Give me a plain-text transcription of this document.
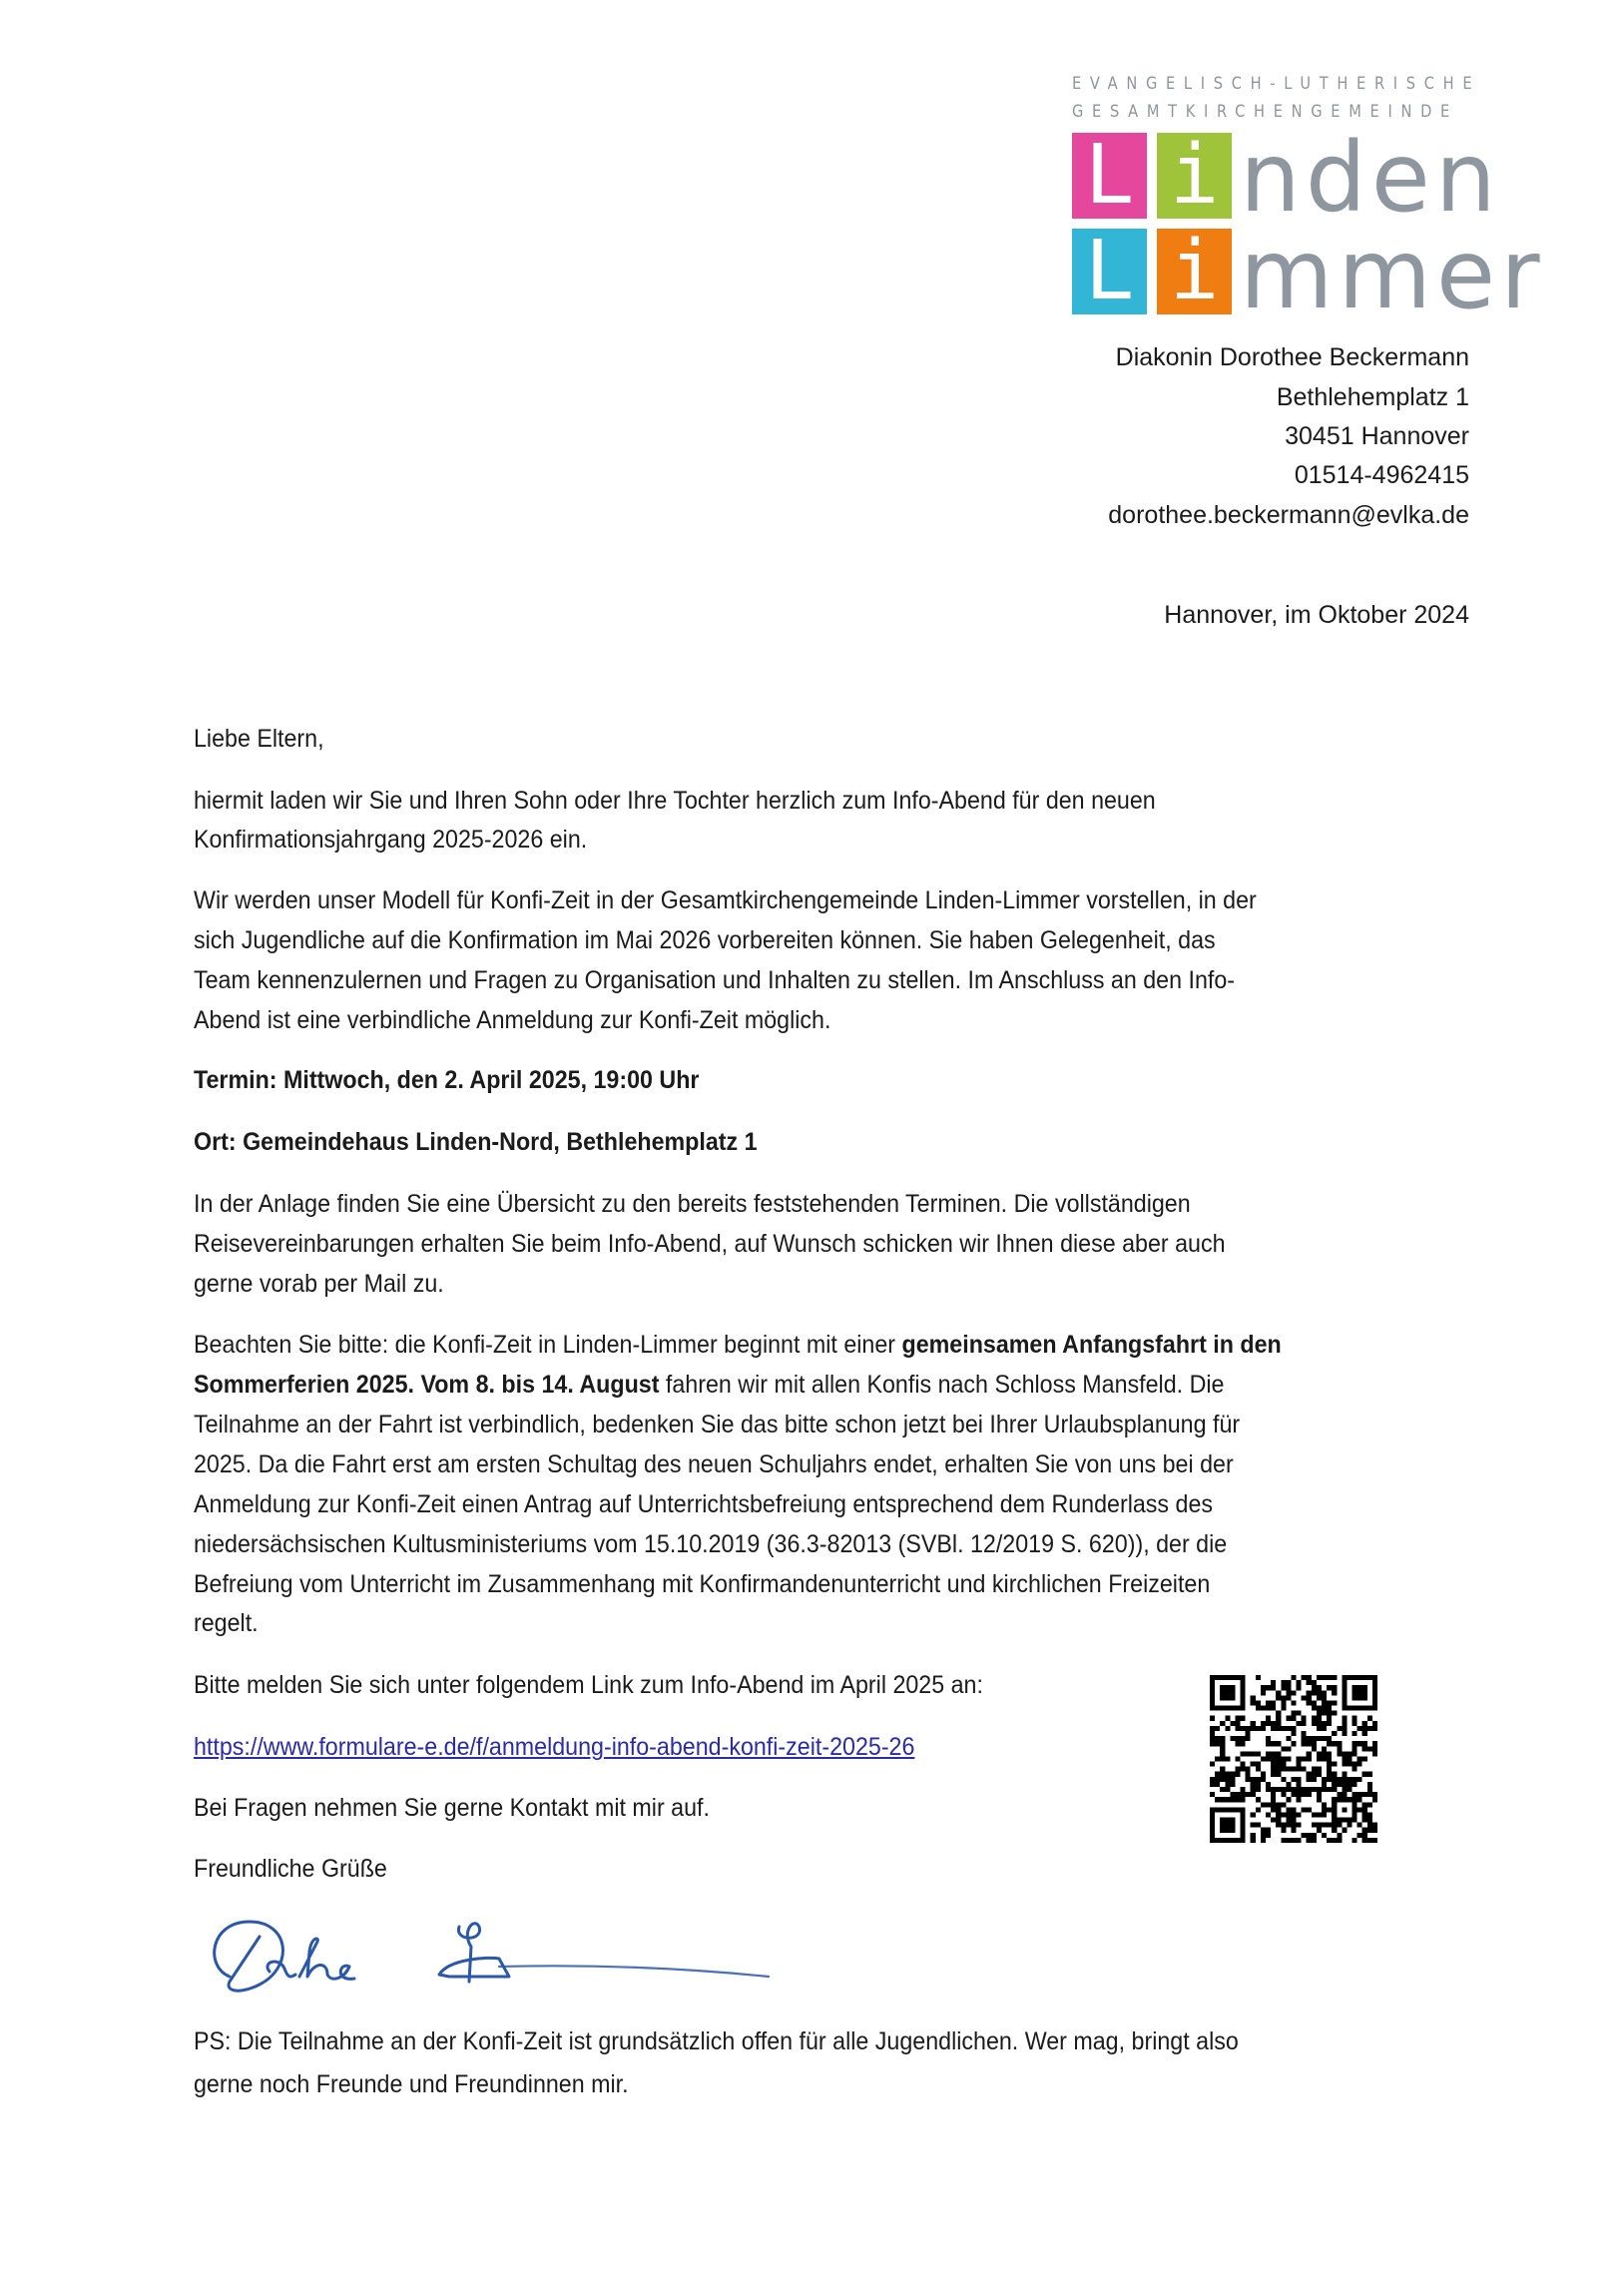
EVANGELISCH-LUTHERISCHE
GESAMTKIRCHENGEMEINDE
L i
L i
nden
mmer
Diakonin Dorothee Beckermann
Bethlehemplatz 1
30451 Hannover
01514-4962415
dorothee.beckermann@evlka.de
Hannover, im Oktober 2024
Liebe Eltern,
hiermit laden wir Sie und Ihren Sohn oder Ihre Tochter herzlich zum Info-Abend für den neuen
Konfirmationsjahrgang 2025-2026 ein.
Wir werden unser Modell für Konfi-Zeit in der Gesamtkirchengemeinde Linden-Limmer vorstellen, in der
sich Jugendliche auf die Konfirmation im Mai 2026 vorbereiten können. Sie haben Gelegenheit, das
Team kennenzulernen und Fragen zu Organisation und Inhalten zu stellen. Im Anschluss an den Info-
Abend ist eine verbindliche Anmeldung zur Konfi-Zeit möglich.
Termin: Mittwoch, den 2. April 2025, 19:00 Uhr
Ort: Gemeindehaus Linden-Nord, Bethlehemplatz 1
In der Anlage finden Sie eine Übersicht zu den bereits feststehenden Terminen. Die vollständigen
Reisevereinbarungen erhalten Sie beim Info-Abend, auf Wunsch schicken wir Ihnen diese aber auch
gerne vorab per Mail zu.
Beachten Sie bitte: die Konfi-Zeit in Linden-Limmer beginnt mit einer gemeinsamen Anfangsfahrt in den
Sommerferien 2025. Vom 8. bis 14. August fahren wir mit allen Konfis nach Schloss Mansfeld. Die
Teilnahme an der Fahrt ist verbindlich, bedenken Sie das bitte schon jetzt bei Ihrer Urlaubsplanung für
2025. Da die Fahrt erst am ersten Schultag des neuen Schuljahrs endet, erhalten Sie von uns bei der
Anmeldung zur Konfi-Zeit einen Antrag auf Unterrichtsbefreiung entsprechend dem Runderlass des
niedersächsischen Kultusministeriums vom 15.10.2019 (36.3-82013 (SVBl. 12/2019 S. 620)), der die
Befreiung vom Unterricht im Zusammenhang mit Konfirmandenunterricht und kirchlichen Freizeiten
regelt.
Bitte melden Sie sich unter folgendem Link zum Info-Abend im April 2025 an:
https://www.formulare-e.de/f/anmeldung-info-abend-konfi-zeit-2025-26
Bei Fragen nehmen Sie gerne Kontakt mit mir auf.
Freundliche Grüße
PS: Die Teilnahme an der Konfi-Zeit ist grundsätzlich offen für alle Jugendlichen. Wer mag, bringt also
gerne noch Freunde und Freundinnen mir.
